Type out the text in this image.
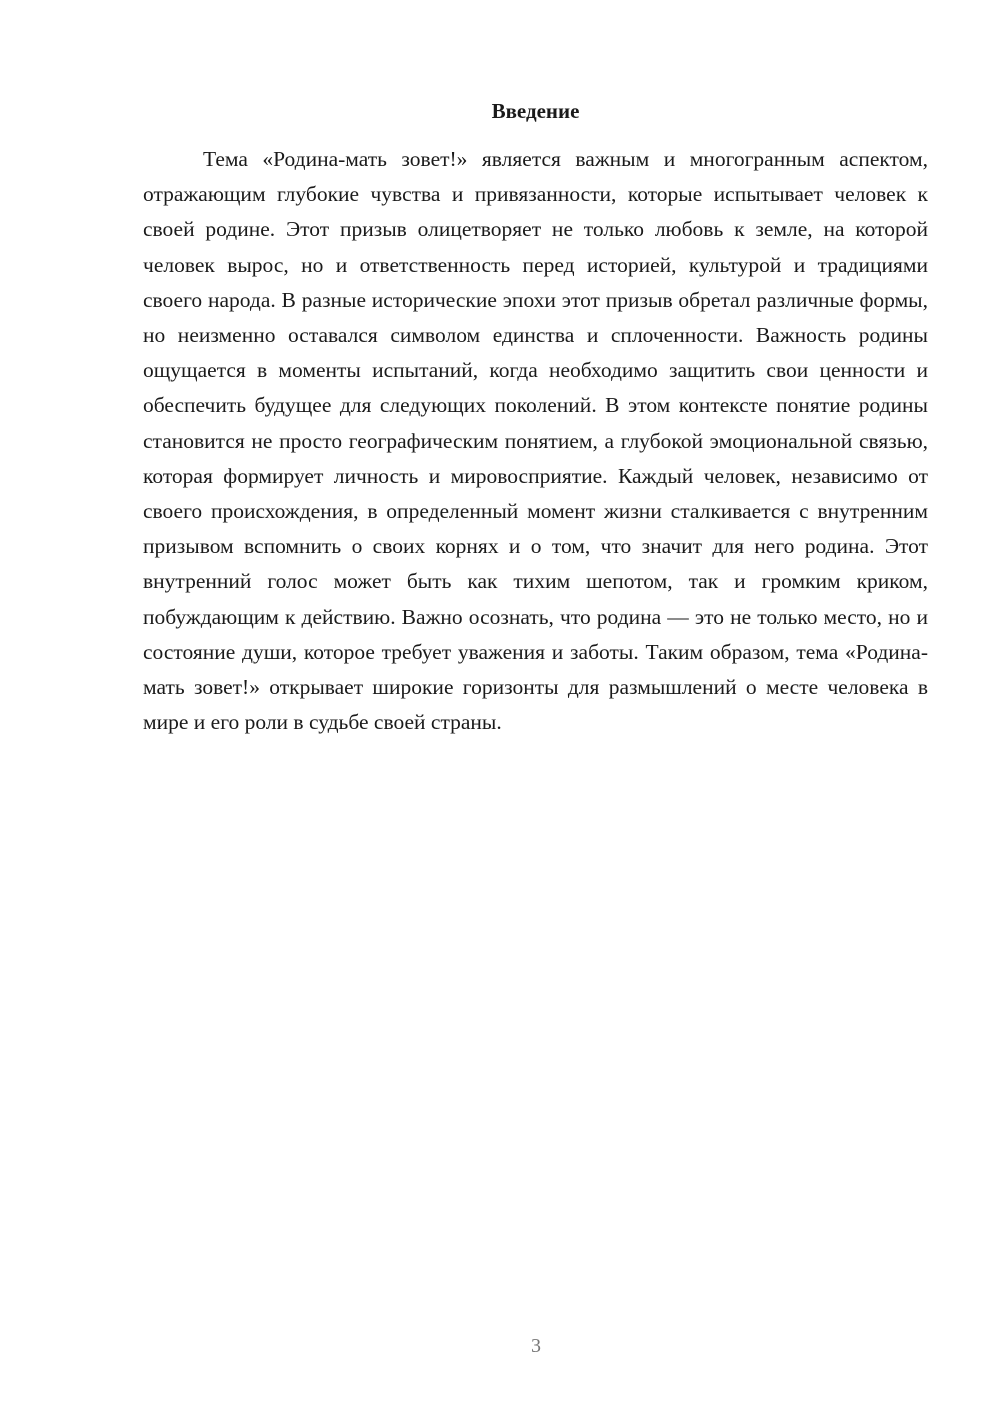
Введение

Тема «Родина-мать зовет!» является важным и многогранным аспектом, отражающим глубокие чувства и привязанности, которые испытывает человек к своей родине. Этот призыв олицетворяет не только любовь к земле, на которой человек вырос, но и ответственность перед историей, культурой и традициями своего народа. В разные исторические эпохи этот призыв обретал различные формы, но неизменно оставался символом единства и сплоченности. Важность родины ощущается в моменты испытаний, когда необходимо защитить свои ценности и обеспечить будущее для следующих поколений. В этом контексте понятие родины становится не просто географическим понятием, а глубокой эмоциональной связью, которая формирует личность и мировосприятие. Каждый человек, независимо от своего происхождения, в определенный момент жизни сталкивается с внутренним призывом вспомнить о своих корнях и о том, что значит для него родина. Этот внутренний голос может быть как тихим шепотом, так и громким криком, побуждающим к действию. Важно осознать, что родина — это не только место, но и состояние души, которое требует уважения и заботы. Таким образом, тема «Родина-мать зовет!» открывает широкие горизонты для размышлений о месте человека в мире и его роли в судьбе своей страны.

3
